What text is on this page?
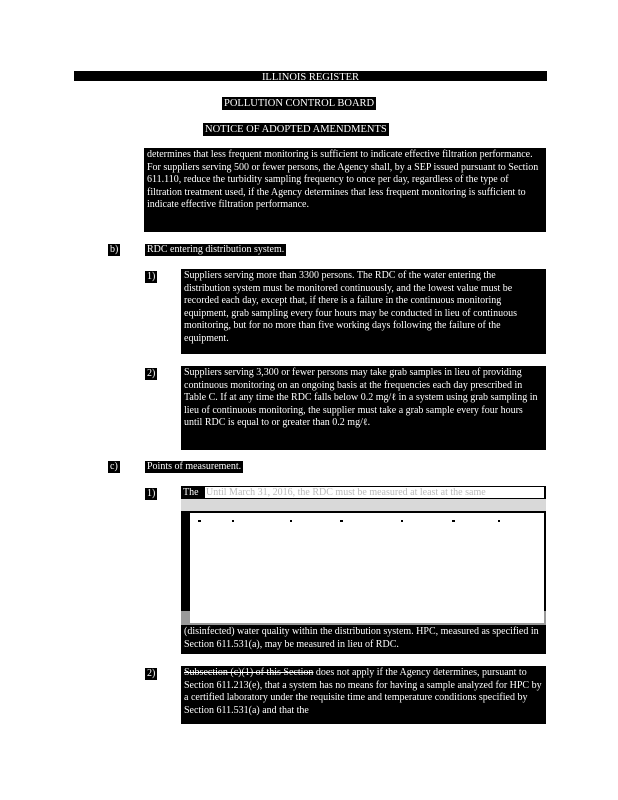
ILLINOIS REGISTER
POLLUTION CONTROL BOARD
NOTICE OF ADOPTED AMENDMENTS

determines that less frequent monitoring is sufficient to indicate effective filtration performance. For suppliers serving 500 or fewer persons, the Agency shall, by a SEP issued pursuant to Section 611.110, reduce the turbidity sampling frequency to once per day, regardless of the type of filtration treatment used, if the Agency determines that less frequent monitoring is sufficient to indicate effective filtration performance.

b)	RDC entering distribution system.
1)	Suppliers serving more than 3300 persons. The RDC of the water entering the distribution system must be monitored continuously, and the lowest value must be recorded each day, except that, if there is a failure in the continuous monitoring equipment, grab sampling every four hours may be conducted in lieu of continuous monitoring, but for no more than five working days following the failure of the equipment.

2)	Suppliers serving 3,300 or fewer persons may take grab samples in lieu of providing continuous monitoring on an ongoing basis at the frequencies each day prescribed in Table C. If at any time the RDC falls below 0.2 mg/ℓ in a system using grab sampling in lieu of continuous monitoring, the supplier must take a grab sample every four hours until RDC is equal to or greater than 0.2 mg/ℓ.

c)	Points of measurement.
1)	The Until March 31, 2016, the RDC must be measured at least at the same

(disinfected) water quality within the distribution system. HPC, measured as specified in Section 611.531(a), may be measured in lieu of RDC.

2)	Subsection (c)(1) of this Section does not apply if the Agency determines, pursuant to Section 611.213(e), that a system has no means for having a sample analyzed for HPC by a certified laboratory under the requisite time and temperature conditions specified by Section 611.531(a) and that the
